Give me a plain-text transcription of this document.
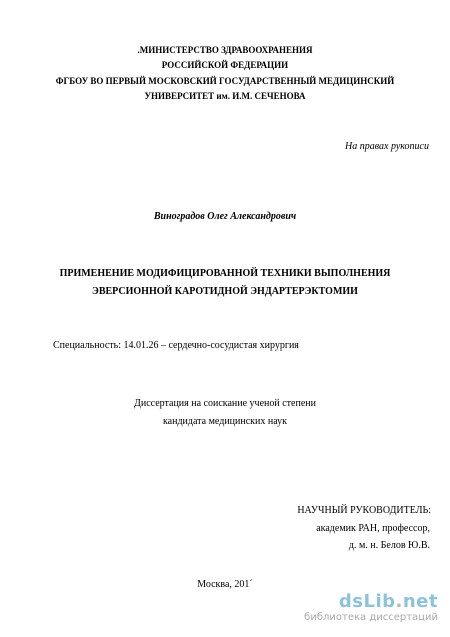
.МИНИСТЕРСТВО ЗДРАВООХРАНЕНИЯ
РОССИЙСКОЙ ФЕДЕРАЦИИ
ФГБОУ ВО ПЕРВЫЙ МОСКОВСКИЙ ГОСУДАРСТВЕННЫЙ МЕДИЦИНСКИЙ
УНИВЕРСИТЕТ им. И.М. СЕЧЕНОВА
На правах рукописи
Виноградов Олег Александрович
ПРИМЕНЕНИЕ МОДИФИЦИРОВАННОЙ ТЕХНИКИ ВЫПОЛНЕНИЯ
ЭВЕРСИОННОЙ КАРОТИДНОЙ ЭНДАРТЕРЭКТОМИИ
Специальность: 14.01.26 – сердечно-сосудистая хирургия
Диссертация на соискание ученой степени
кандидата медицинских наук
НАУЧНЫЙ РУКОВОДИТЕЛЬ:
академик РАН, профессор,
д. м. н. Белов Ю.В.
Москва, 201´
dsLib.net
библиотека диссертаций
